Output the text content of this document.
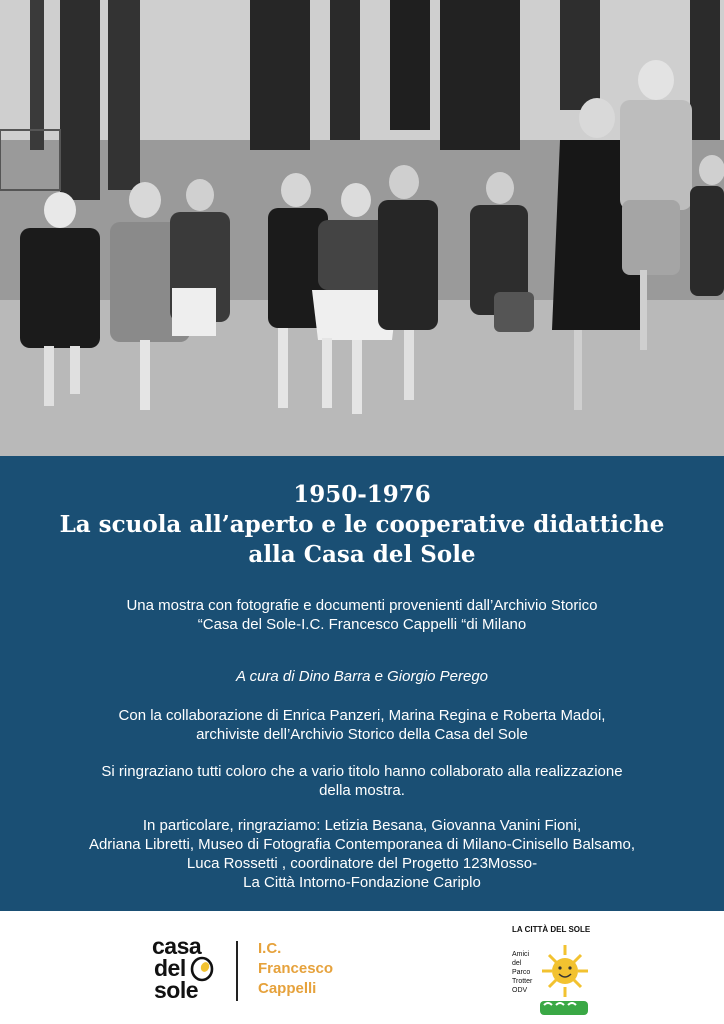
1950-1976
La scuola all’aperto e le cooperative didattiche
alla Casa del Sole

Una mostra con fotografie e documenti provenienti dall’Archivio Storico
“Casa del Sole-I.C. Francesco Cappelli “di Milano

A cura di Dino Barra e Giorgio Perego

Con la collaborazione di Enrica Panzeri, Marina Regina e Roberta Madoi,
archiviste dell’Archivio Storico della Casa del Sole

Si ringraziano tutti coloro che a vario titolo hanno collaborato alla realizzazione
della mostra.

In particolare, ringraziamo: Letizia Besana, Giovanna Vanini Fioni,
Adriana Libretti, Museo di Fotografia Contemporanea di Milano-Cinisello Balsamo,
Luca Rossetti , coordinatore del Progetto 123Mosso-
La Città Intorno-Fondazione Cariplo

casa
del
sole
I.C.
Francesco
Cappelli
LA CITTÀ DEL SOLE
Amici
del
Parco
Trotter
ODV
